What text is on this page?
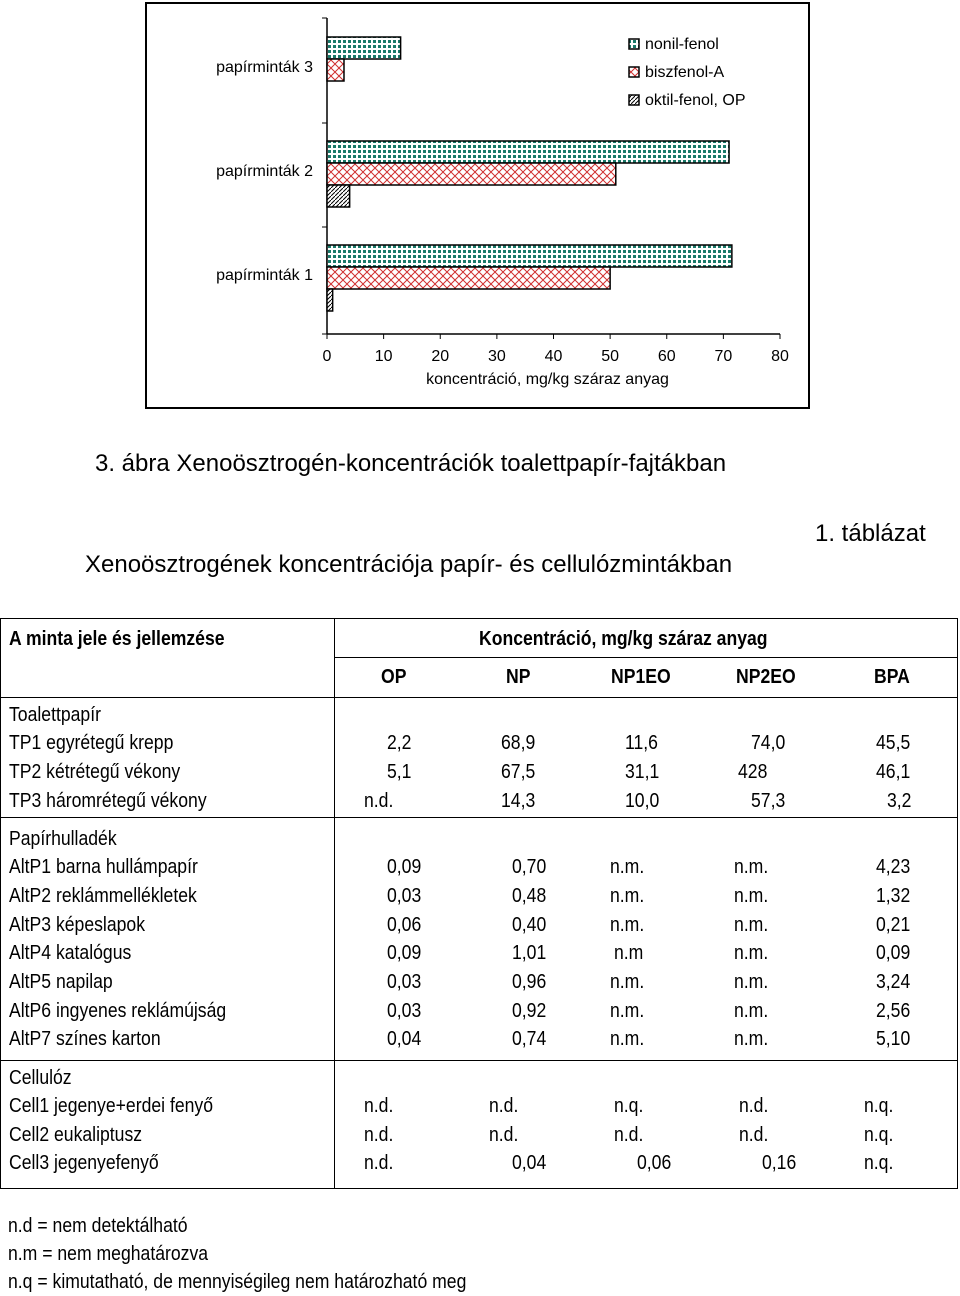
0	10 20 30 40 50 60 70 80
koncentráció, mg/kg száraz anyag
papírminták 3
papírminták 2
papírminták 1
nonil-fenol
biszfenol-A
oktil-fenol, OP
3. ábra Xenoösztrogén-koncentrációk toalettpapír-fajtákban
1. táblázat
Xenoösztrogének koncentrációja papír- és cellulózmintákban
A minta jele és jellemzése	Koncentráció, mg/kg száraz anyag
OP	NP	NP1EO	NP2EO	BPA
Toalettpapír
TP1 egyrétegű krepp	2,2	68,9	11,6	74,0	45,5
TP2 kétrétegű vékony	5,1	67,5	31,1	428	46,1
TP3 háromrétegű vékony	n.d.	14,3	10,0	57,3	3,2
Papírhulladék
AltP1 barna hullámpapír	0,09	0,70	n.m.	n.m.	4,23
AltP2 reklámmellékletek	0,03	0,48	n.m.	n.m.	1,32
AltP3 képeslapok	0,06	0,40	n.m.	n.m.	0,21
AltP4 katalógus	0,09	1,01	n.m	n.m.	0,09
AltP5 napilap	0,03	0,96	n.m.	n.m.	3,24
AltP6 ingyenes reklámújság	0,03	0,92	n.m.	n.m.	2,56
AltP7 színes karton	0,04	0,74	n.m.	n.m.	5,10
Cellulóz
Cell1 jegenye+erdei fenyő	n.d.	n.d.	n.q.	n.d.	n.q.
Cell2 eukaliptusz	n.d.	n.d.	n.d.	n.d.	n.q.
Cell3 jegenyefenyő	n.d.	0,04	0,06	0,16	n.q.
n.d = nem detektálható
n.m = nem meghatározva
n.q = kimutatható, de mennyiségileg nem határozható meg
